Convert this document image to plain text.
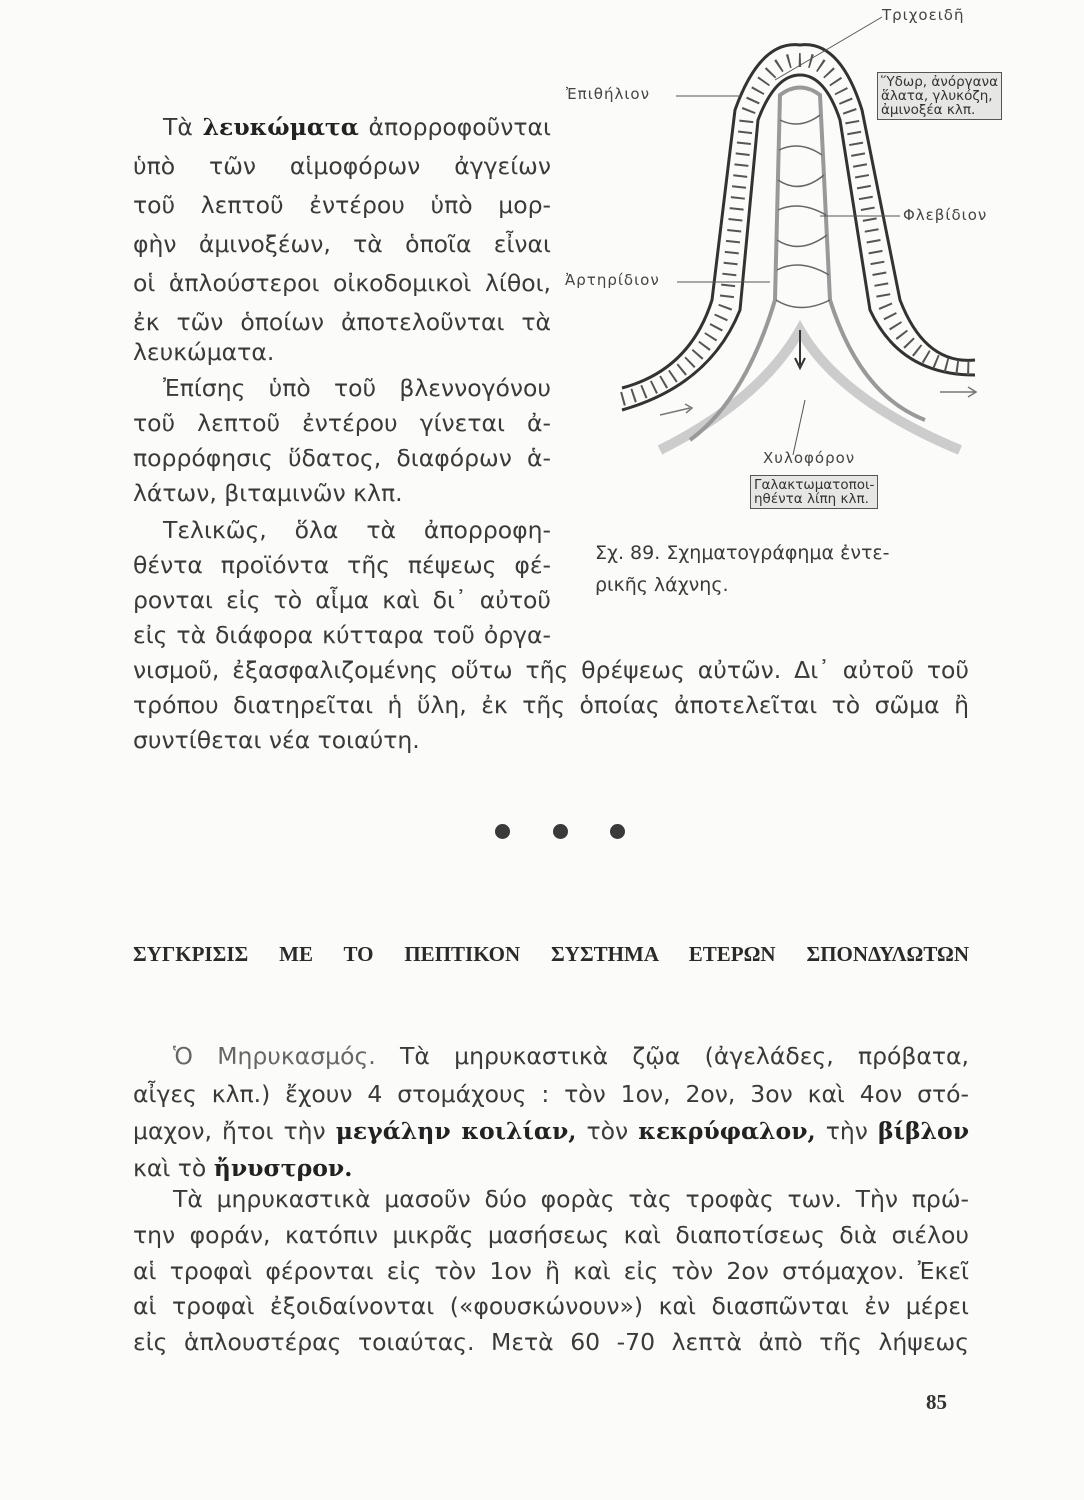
Τὰ λευκώματα ἀπορροφοῦνται
ὑπὸ τῶν αἱμοφόρων ἀγγείων
τοῦ λεπτοῦ ἐντέρου ὑπὸ μορ-
φὴν ἀμινοξέων, τὰ ὁποῖα εἶναι
οἱ ἁπλούστεροι οἰκοδομικοὶ λίθοι,
ἐκ τῶν ὁποίων ἀποτελοῦνται τὰ
λευκώματα.
Ἐπίσης ὑπὸ τοῦ βλεννογόνου
τοῦ λεπτοῦ ἐντέρου γίνεται ἀ-
πορρόφησις ὕδατος, διαφόρων ἁ-
λάτων, βιταμινῶν κλπ.
Τελικῶς, ὅλα τὰ ἀπορροφη-
θέντα προϊόντα τῆς πέψεως φέ-
ρονται εἰς τὸ αἷμα καὶ δι᾿ αὐτοῦ
εἰς τὰ διάφορα κύτταρα τοῦ ὀργα-
νισμοῦ, ἐξασφαλιζομένης οὕτω τῆς θρέψεως αὐτῶν. Δι᾿ αὐτοῦ τοῦ
τρόπου διατηρεῖται ἡ ὕλη, ἐκ τῆς ὁποίας ἀποτελεῖται τὸ σῶμα ἢ
συντίθεται νέα τοιαύτη.
Τριχοειδῆ
Ἐπιθήλιον
Φλεβίδιον
Ἀρτηρίδιον
Χυλοφόρον
Ὕδωρ, ἀνόργανα
ἅλατα, γλυκόζη,
ἀμινοξέα κλπ.
Γαλακτωματοποι-
ηθέντα λίπη κλπ.
Σχ. 89. Σχηματογράφημα ἐντε-
ρικῆς λάχνης.
ΣΥΓΚΡΙΣΙΣ ΜΕ ΤΟ ΠΕΠΤΙΚΟΝ ΣΥΣΤΗΜΑ ΕΤΕΡΩΝ ΣΠΟΝΔΥΛΩΤΩΝ
Ὁ Μηρυκασμός. Τὰ μηρυκαστικὰ ζῷα (ἀγελάδες, πρόβατα,
αἶγες κλπ.) ἔχουν 4 στομάχους : τὸν 1ον, 2ον, 3ον καὶ 4ον στό-
μαχον, ἤτοι τὴν μεγάλην κοιλίαν, τὸν κεκρύφαλον, τὴν βίβλον
καὶ τὸ ἤνυστρον.
Τὰ μηρυκαστικὰ μασοῦν δύο φορὰς τὰς τροφὰς των. Τὴν πρώ-
την φοράν, κατόπιν μικρᾶς μασήσεως καὶ διαποτίσεως διὰ σιέλου
αἱ τροφαὶ φέρονται εἰς τὸν 1ον ἢ καὶ εἰς τὸν 2ον στόμαχον. Ἐκεῖ
αἱ τροφαὶ ἐξοιδαίνονται («φουσκώνουν») καὶ διασπῶνται ἐν μέρει
εἰς ἁπλουστέρας τοιαύτας. Μετὰ 60 -70 λεπτὰ ἀπὸ τῆς λήψεως
85
